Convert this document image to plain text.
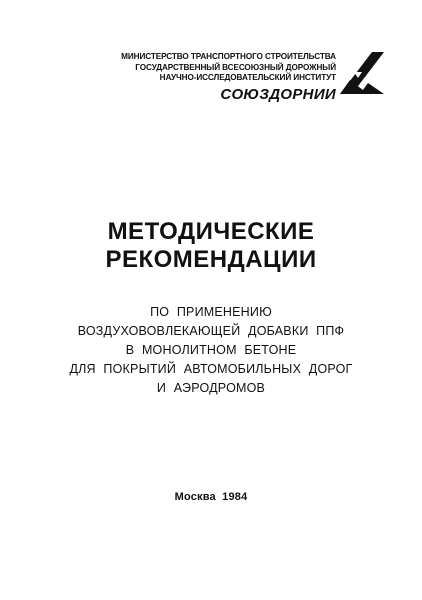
МИНИСТЕРСТВО ТРАНСПОРТНОГО СТРОИТЕЛЬСТВА
ГОСУДАРСТВЕННЫЙ ВСЕСОЮЗНЫЙ ДОРОЖНЫЙ
НАУЧНО-ИССЛЕДОВАТЕЛЬСКИЙ ИНСТИТУТ
СОЮЗДОРНИИ
МЕТОДИЧЕСКИЕ
РЕКОМЕНДАЦИИ
ПО ПРИМЕНЕНИЮ
ВОЗДУХОВОВЛЕКАЮЩЕЙ ДОБАВКИ ППФ
В МОНОЛИТНОМ БЕТОНЕ
ДЛЯ ПОКРЫТИЙ АВТОМОБИЛЬНЫХ ДОРОГ
И АЭРОДРОМОВ
Москва 1984
